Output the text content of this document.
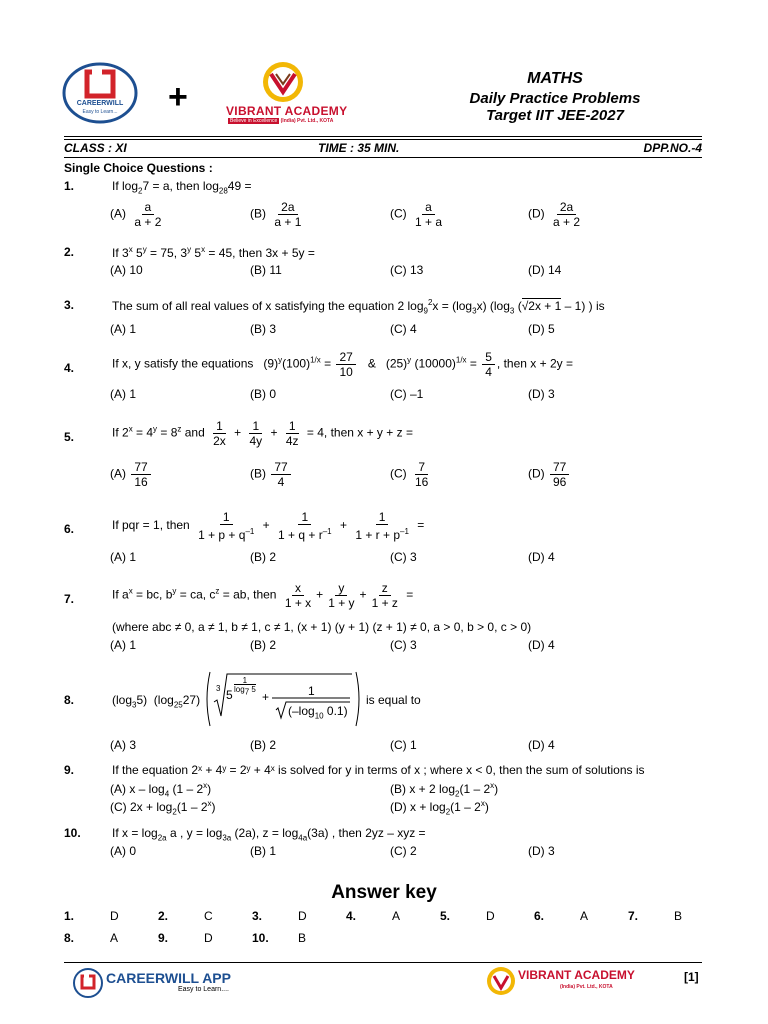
CAREERWILL
Easy to Learn...	+	VIBRANT ACADEMY
Believe in Excellence (India) Pvt. Ltd., KOTA
MATHS
Daily Practice Problems
Target IIT JEE-2027
CLASS : XI	TIME : 35 MIN.	DPP.NO.-4
Single Choice Questions :
1.	If $\log_27 = a$, then $\log_{28}49$ =
$(A) \frac{a}{a + 2}$	$(B) \frac{2a}{a + 1}$	$(C) \frac{a}{1 + a}$	$(D) \frac{2a}{a + 2}$
2.	If 3$^x$ $5^y = 75$, 3$^y$ $5^x = 45$, then 3x + 5y =
(A) 10	(B) 11	(C) 13	(D) 14
3.	The sum of all real values of x satisfying the equation 2 $\log_9^2x = (\log_3x)$ ($\log_3$ (√2x + 1 – 1) ) is
(A) 1	(B) 3	(C) 4	(D) 5
4.	If x, y satisfy the equations   $(9)^y(100)^{1/x} = \frac{27}{10}$ &   $(25)^y$ $(10000)^{1/x} = \frac{5}{4}$ , then x + 2y =
(A) 1	(B) 0	(C) –1	(D) 3
5.	If $2^x = 4^y = 8^z$ and $\frac{1}{2x} + \frac{1}{4y} + \frac{1}{4z} = 4$, then x + y + z =
$(A) \frac{77}{16}$	$(B) \frac{77}{4}$	$(C) \frac{7}{16}$	$(D) \frac{77}{96}$
6.	If pqr = 1, then $\frac{1}{1 + p + q^{-1}} + \frac{1}{1 + q + r^{-1}} + \frac{1}{1 + r + p^{-1}}$ =
(A) 1	(B) 2	(C) 3	(D) 4
7.	If $a^x$ = bc, $b^y$ = ca, $c^z$ = ab, then $\frac{x}{1 + x} + \frac{y}{1 + y} + \frac{z}{1 + z}$ =
(where abc ≠ 0, a ≠ 1, b ≠ 1, c ≠ 1, (x + 1) (y + 1) (z + 1) ≠ 0, a > 0, b > 0, c > 0)
(A) 1	(B) 2	(C) 3	(D) 4
8.	$(\log_35)$  $(\log_{25}27)$
3 5
1
$\log_7 5$
+	1
($-\log_{10}$ 0.1)
is equal to
(A) 3	(B) 2	(C) 1	(D) 4
9.	If the equation 2ˣ + 4ʸ = 2ʸ + 4ˣ is solved for y in terms of x ; where x < 0, then the sum of solutions is
(A) x – $\log_4 (1 - 2^x)$	(B) x + 2 $\log_2(1 - 2^x)$
(C) $2x + \log_2(1 - 2^x)$	(D) $x + \log_2(1 - 2^x)$
10.	If $x = \log_{2a} a$ , $y = \log_{3a} (2a)$, $z = \log_{4a}(3a)$ , then 2yz – xyz =
(A) 0	(B) 1	(C) 2	(D) 3
Answer key
1.	D	2.	C	3.	D	4.	A	5.	D	6.	A	7.	B
8.	A	9.	D	10. B
CAREERWILL APP
Easy to Learn....
VIBRANT ACADEMY
(India) Pvt. Ltd., KOTA
[1]
